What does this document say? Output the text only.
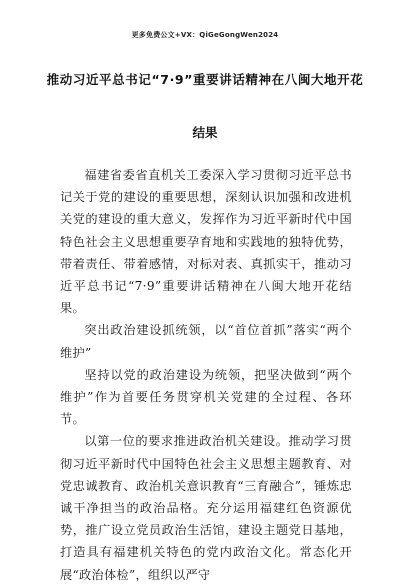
更多免费公文+VX：QiGeGongWen2024
推动习近平总书记“7·9”重要讲话精神在八闽大地开花
结果

福建省委省直机关工委深入学习贯彻习近平总书记关于党的建设的重要思想，深刻认识加强和改进机关党的建设的重大意义，发挥作为习近平新时代中国特色社会主义思想重要孕育地和实践地的独特优势，带着责任、带着感情，对标对表、真抓实干，推动习近平总书记“7·9”重要讲话精神在八闽大地开花结果。

突出政治建设抓统领，以“首位首抓”落实“两个维护”

坚持以党的政治建设为统领，把坚决做到“两个维护”作为首要任务贯穿机关党建的全过程、各环节。

以第一位的要求推进政治机关建设。推动学习贯彻习近平新时代中国特色社会主义思想主题教育、对党忠诚教育、政治机关意识教育“三育融合”，锤炼忠诚干净担当的政治品格。充分运用福建红色资源优势，推广设立党员政治生活馆，建设主题党日基地，打造具有福建机关特色的党内政治文化。常态化开展“政治体检”，组织以严守
